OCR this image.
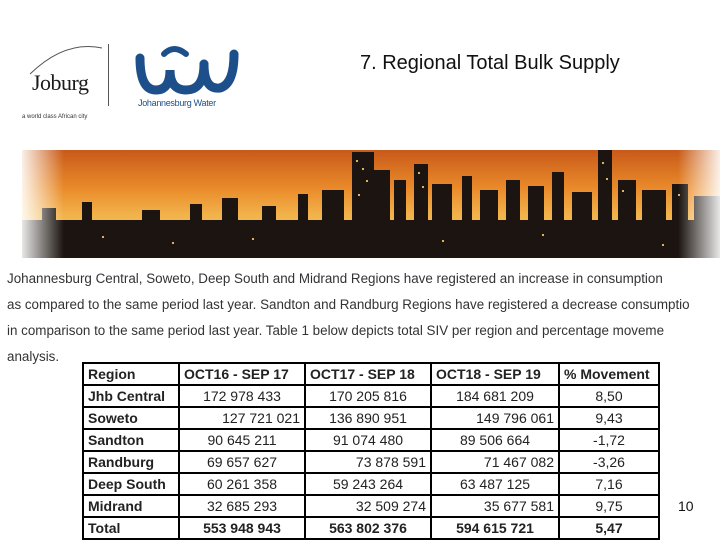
Joburg
a world class African city
Johannesburg Water
7. Regional Total Bulk Supply
Johannesburg Central, Soweto, Deep South and Midrand Regions have registered an increase in consumption
as compared to the same period last year. Sandton and Randburg Regions have registered a decrease consumptio
in comparison to the same period last year. Table 1 below depicts total SIV per region and percentage moveme
analysis.
Region	OCT16 - SEP 17	OCT17 - SEP 18	OCT18 - SEP 19	% Movement
Jhb Central	172 978 433	170 205 816	184 681 209	8,50
Soweto	127 721 021	136 890 951	149 796 061	9,43
Sandton	90 645 211	91 074 480	89 506 664	-1,72
Randburg	69 657 627	73 878 591	71 467 082	-3,26
Deep South	60 261 358	59 243 264	63 487 125	7,16
Midrand	32 685 293	32 509 274	35 677 581	9,75
Total	553 948 943	563 802 376	594 615 721	5,47
10
